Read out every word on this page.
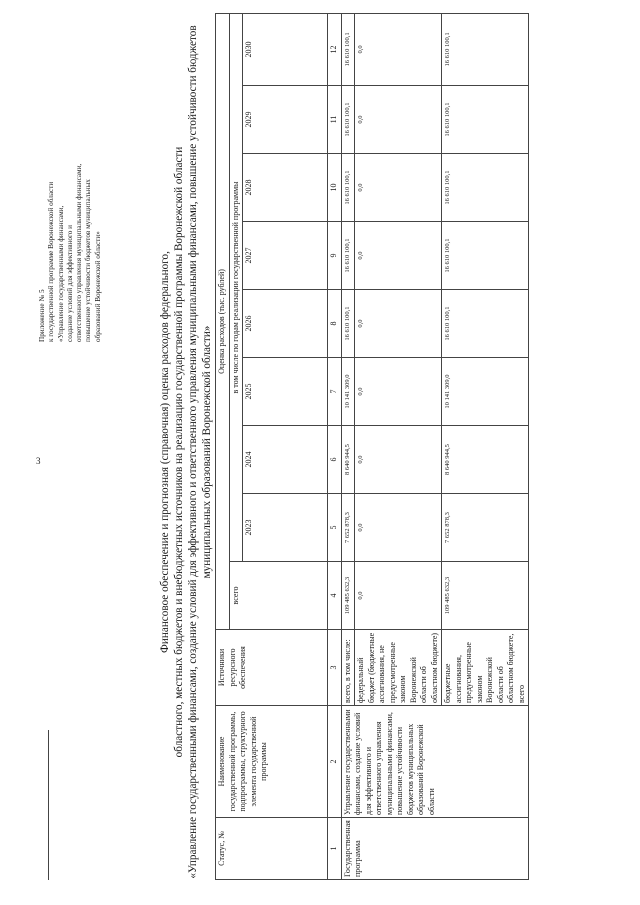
3
Приложение № 5 к государственной программе Воронежской области «Управление государственными финансами, создание условий для эффективного и ответственного управления муниципальными финансами, повышение устойчивости бюджетов муниципальных образований Воронежской области»	Финансовое обеспечение и прогнозная (справочная) оценка расходов федерального, областного, местных бюджетов и внебюджетных источников на реализацию государственной программы Воронежской области «Управление государственными финансами, создание условий для эффективного и ответственного управления муниципальными финансами, повышение устойчивости бюджетов муниципальных образований Воронежской области»
Статус, №	Наименование государственной программы, подпрограммы, структурного элемента государственной программы	Источники ресурсного обеспечения	Оценка расходов (тыс. рублей)								
			всего	в том числе по годам реализации государственной программы							
				2023	2024	2025	2026	2027	2028	2029	2030
1	2	3	4	5	6	7	8	9	10	11	12
Государственная программа	Управление государственными финансами, создание условий для эффективного и ответственного управления муниципальными финансами, повышение устойчивости бюджетов муниципальных образований Воронежской области	всего, в том числе:	109 485 632,3	7 652 878,3	8 640 944,5	10 141 309,0	16 610 100,1	16 610 100,1	16 610 100,1	16 610 100,1	16 610 100,1
		федеральный бюджет (бюджетные ассигнования, не предусмотренные законом Воронежской области об областном бюджете)	0,0	0,0	0,0	0,0	0,0	0,0	0,0	0,0	0,0
		бюджетные ассигнования, предусмотренные законом Воронежской области об областном бюджете, всего	109 485 632,3	7 652 878,3	8 640 944,5	10 141 309,0	16 610 100,1	16 610 100,1	16 610 100,1	16 610 100,1	16 610 100,1
